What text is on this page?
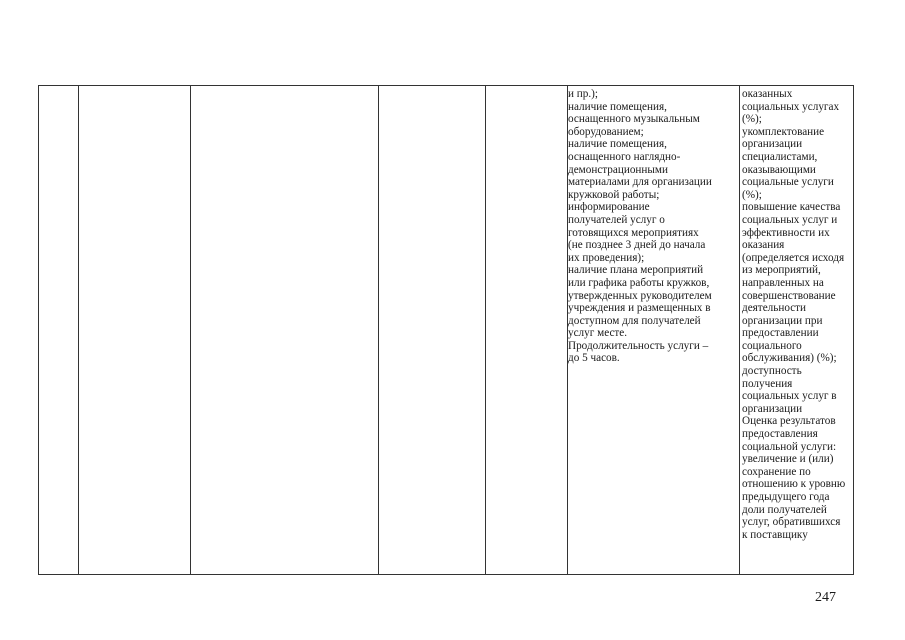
и пр.);

наличие помещения,

оснащенного музыкальным

оборудованием;

наличие помещения,

оснащенного наглядно-

демонстрационными

материалами для организации

кружковой работы;

информирование

получателей услуг о

готовящихся мероприятиях

(не позднее 3 дней до начала

их проведения);

наличие плана мероприятий

или графика работы кружков,

утвержденных руководителем

учреждения и размещенных в

доступном для получателей

услуг месте.

Продолжительность услуги –

до 5 часов.

оказанных

социальных услугах

(%);

укомплектование

организации

специалистами,

оказывающими

социальные услуги

(%);

повышение качества

социальных услуг и

эффективности их

оказания

(определяется исходя

из мероприятий,

направленных на

совершенствование

деятельности

организации при

предоставлении

социального

обслуживания) (%);

доступность

получения

социальных услуг в

организации

Оценка результатов

предоставления

социальной услуги:

увеличение и (или)

сохранение по

отношению к уровню

предыдущего года

доли получателей

услуг, обратившихся

к поставщику

247
